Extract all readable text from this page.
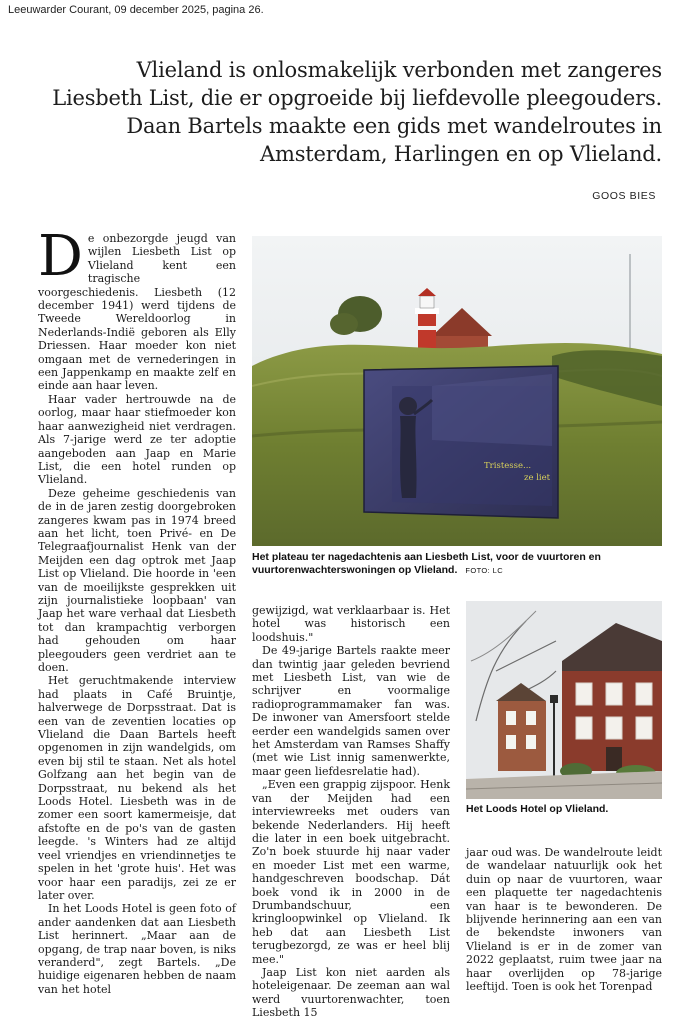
Leeuwarder Courant, 09 december 2025, pagina 26.
Vlieland is onlosmakelijk verbonden met zangeres
Liesbeth List, die er opgroeide bij liefdevolle pleegouders.
Daan Bartels maakte een gids met wandelroutes in
Amsterdam, Harlingen en op Vlieland.
GOOS BIES

De onbezorgde jeugd van wijlen Liesbeth List op Vlieland kent een tragische voorgeschiedenis. Liesbeth (12 december 1941) werd tijdens de Tweede Wereldoorlog in Nederlands-Indië geboren als Elly Driessen. Haar moeder kon niet omgaan met de vernederingen in een Jappenkamp en maakte zelf en einde aan haar leven.

Haar vader hertrouwde na de oorlog, maar haar stiefmoeder kon haar aanwezigheid niet verdragen. Als 7-jarige werd ze ter adoptie aangeboden aan Jaap en Marie List, die een hotel runden op Vlieland.

Deze geheime geschiedenis van de in de jaren zestig doorgebroken zangeres kwam pas in 1974 breed aan het licht, toen Privé- en De Telegraafjournalist Henk van der Meijden een dag optrok met Jaap List op Vlieland. Die hoorde in 'een van de moeilijkste gesprekken uit zijn journalistieke loopbaan' van Jaap het ware verhaal dat Liesbeth tot dan krampachtig verborgen had gehouden om haar pleegouders geen verdriet aan te doen.

Het geruchtmakende interview had plaats in Café Bruintje, halverwege de Dorpsstraat. Dat is een van de zeventien locaties op Vlieland die Daan Bartels heeft opgenomen in zijn wandelgids, om even bij stil te staan. Net als hotel Golfzang aan het begin van de Dorpsstraat, nu bekend als het Loods Hotel. Liesbeth was in de zomer een soort kamermeisje, dat afstofte en de po's van de gasten leegde. 's Winters had ze altijd veel vriendjes en vriendinnetjes te spelen in het 'grote huis'. Het was voor haar een paradijs, zei ze er later over.

In het Loods Hotel is geen foto of ander aandenken dat aan Liesbeth List herinnert. „Maar aan de opgang, de trap naar boven, is niks veranderd", zegt Bartels. „De huidige eigenaren hebben de naam van het hotel

Tristesse...
ze liet
Het plateau ter nagedachtenis aan Liesbeth List, voor de vuurtoren en vuurtorenwachterswoningen op Vlieland. FOTO: LC

gewijzigd, wat verklaarbaar is. Het hotel was historisch een loodshuis."

De 49-jarige Bartels raakte meer dan twintig jaar geleden bevriend met Liesbeth List, van wie de schrijver en voormalige radioprogrammamaker fan was. De inwoner van Amersfoort stelde eerder een wandelgids samen over het Amsterdam van Ramses Shaffy (met wie List innig samenwerkte, maar geen liefdesrelatie had).

„Even een grappig zijspoor. Henk van der Meijden had een interviewreeks met ouders van bekende Nederlanders. Hij heeft die later in een boek uitgebracht. Zo'n boek stuurde hij naar vader en moeder List met een warme, handgeschreven boodschap. Dát boek vond ik in 2000 in de Drumbandschuur, een kringloopwinkel op Vlieland. Ik heb dat aan Liesbeth List terugbezorgd, ze was er heel blij mee."

Jaap List kon niet aarden als hoteleigenaar. De zeeman aan wal werd vuurtorenwachter, toen Liesbeth 15

Het Loods Hotel op Vlieland.

jaar oud was. De wandelroute leidt de wandelaar natuurlijk ook het duin op naar de vuurtoren, waar een plaquette ter nagedachtenis van haar is te bewonderen. De blijvende herinnering aan een van de bekendste inwoners van Vlieland is er in de zomer van 2022 geplaatst, ruim twee jaar na haar overlijden op 78-jarige leeftijd. Toen is ook het Torenpad
